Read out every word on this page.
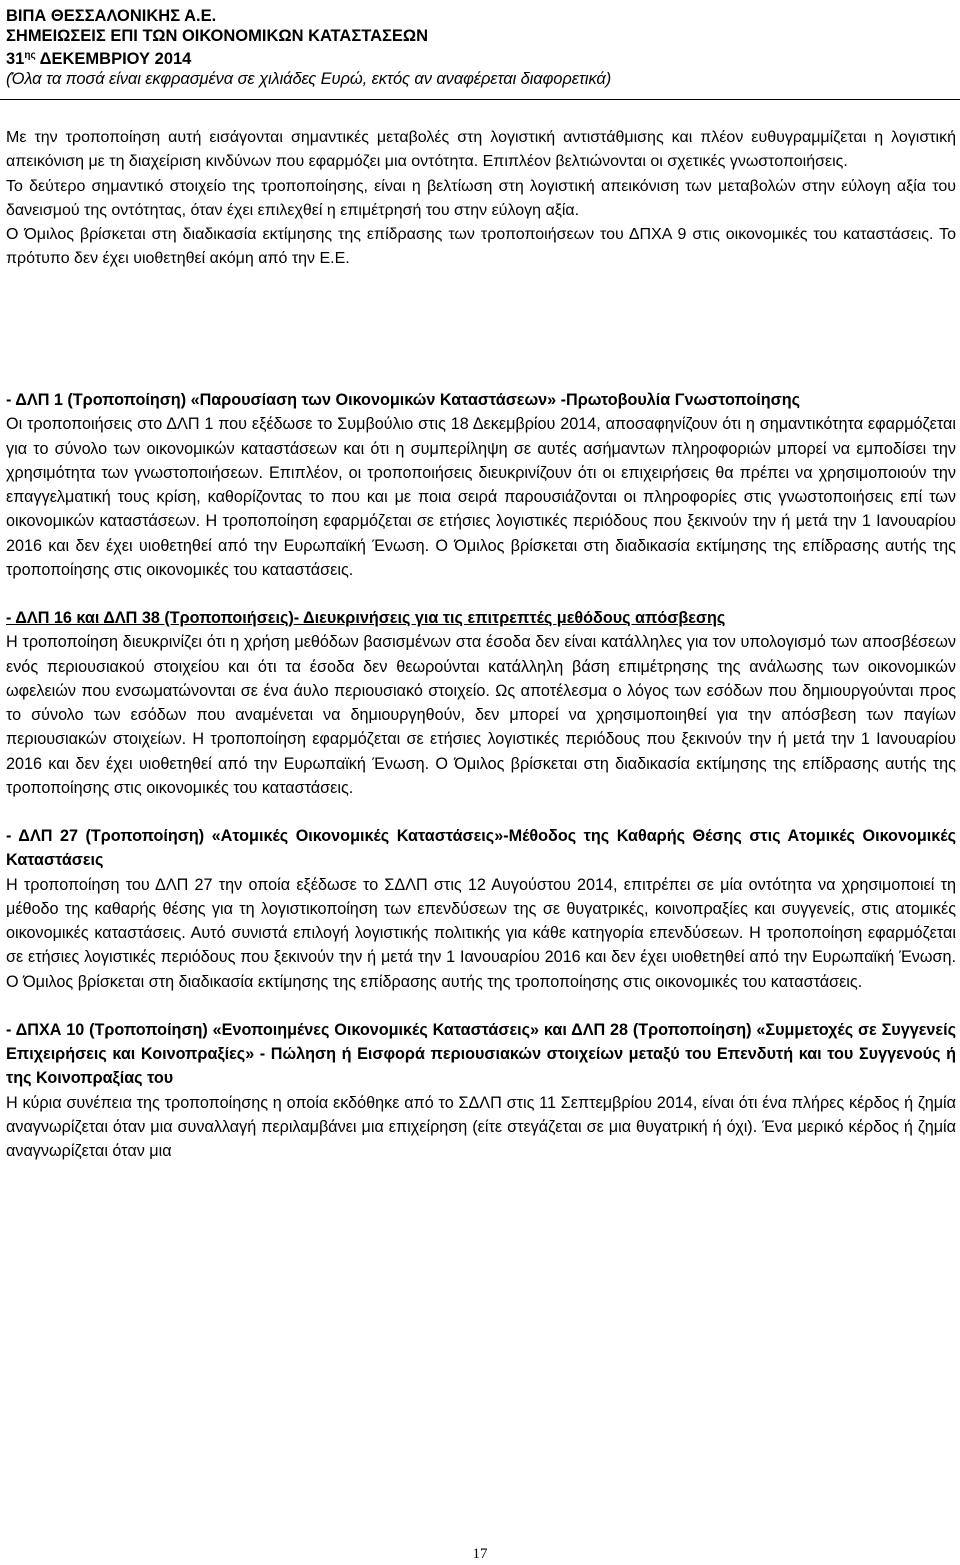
ΒΙΠΑ ΘΕΣΣΑΛΟΝΙΚΗΣ Α.Ε.
ΣΗΜΕΙΩΣΕΙΣ ΕΠΙ ΤΩΝ ΟΙΚΟΝΟΜΙΚΩΝ ΚΑΤΑΣΤΑΣΕΩΝ
$31^{\eta\varsigma}$ ΔΕΚΕΜΒΡΙΟΥ 2014
(Όλα τα ποσά είναι εκφρασμένα σε χιλιάδες Ευρώ, εκτός αν αναφέρεται διαφορετικά)

Με την τροποποίηση αυτή εισάγονται σημαντικές μεταβολές στη λογιστική αντιστάθμισης και πλέον ευθυγραμμίζεται η λογιστική απεικόνιση με τη διαχείριση κινδύνων που εφαρμόζει μια οντότητα. Επιπλέον βελτιώνονται οι σχετικές γνωστοποιήσεις.

Το δεύτερο σημαντικό στοιχείο της τροποποίησης, είναι η βελτίωση στη λογιστική απεικόνιση των μεταβολών στην εύλογη αξία του δανεισμού της οντότητας, όταν έχει επιλεχθεί η επιμέτρησή του στην εύλογη αξία.

Ο Όμιλος βρίσκεται στη διαδικασία εκτίμησης της επίδρασης των τροποποιήσεων του ΔΠΧΑ 9 στις οικονομικές του καταστάσεις. Το πρότυπο δεν έχει υιοθετηθεί ακόμη από την Ε.Ε.

- ΔΛΠ 1 (Τροποποίηση) «Παρουσίαση των Οικονομικών Καταστάσεων» -Πρωτοβουλία Γνωστοποίησης

Οι τροποποιήσεις στο ΔΛΠ 1 που εξέδωσε το Συμβούλιο στις 18 Δεκεμβρίου 2014, αποσαφηνίζουν ότι η σημαντικότητα εφαρμόζεται για το σύνολο των οικονομικών καταστάσεων και ότι η συμπερίληψη σε αυτές ασήμαντων πληροφοριών μπορεί να εμποδίσει την χρησιμότητα των γνωστοποιήσεων. Επιπλέον, οι τροποποιήσεις διευκρινίζουν ότι οι επιχειρήσεις θα πρέπει να χρησιμοποιούν την επαγγελματική τους κρίση, καθορίζοντας το που και με ποια σειρά παρουσιάζονται οι πληροφορίες στις γνωστοποιήσεις επί των οικονομικών καταστάσεων. Η τροποποίηση εφαρμόζεται σε ετήσιες λογιστικές περιόδους που ξεκινούν την ή μετά την 1 Ιανουαρίου 2016 και δεν έχει υιοθετηθεί από την Ευρωπαϊκή Ένωση. Ο Όμιλος βρίσκεται στη διαδικασία εκτίμησης της επίδρασης αυτής της τροποποίησης στις οικονομικές του καταστάσεις.

- ΔΛΠ 16 και ΔΛΠ 38 (Τροποποιήσεις)- Διευκρινήσεις για τις επιτρεπτές μεθόδους απόσβεσης

Η τροποποίηση διευκρινίζει ότι η χρήση μεθόδων βασισμένων στα έσοδα δεν είναι κατάλληλες για τον υπολογισμό των αποσβέσεων ενός περιουσιακού στοιχείου και ότι τα έσοδα δεν θεωρούνται κατάλληλη βάση επιμέτρησης της ανάλωσης των οικονομικών ωφελειών που ενσωματώνονται σε ένα άυλο περιουσιακό στοιχείο. Ως αποτέλεσμα ο λόγος των εσόδων που δημιουργούνται προς το σύνολο των εσόδων που αναμένεται να δημιουργηθούν, δεν μπορεί να χρησιμοποιηθεί για την απόσβεση των παγίων περιουσιακών στοιχείων. Η τροποποίηση εφαρμόζεται σε ετήσιες λογιστικές περιόδους που ξεκινούν την ή μετά την 1 Ιανουαρίου 2016 και δεν έχει υιοθετηθεί από την Ευρωπαϊκή Ένωση. Ο Όμιλος βρίσκεται στη διαδικασία εκτίμησης της επίδρασης αυτής της τροποποίησης στις οικονομικές του καταστάσεις.

- ΔΛΠ 27 (Τροποποίηση) «Ατομικές Οικονομικές Καταστάσεις»-Μέθοδος της Καθαρής Θέσης στις Ατομικές Οικονομικές Καταστάσεις

Η τροποποίηση του ΔΛΠ 27 την οποία εξέδωσε το ΣΔΛΠ στις 12 Αυγούστου 2014, επιτρέπει σε μία οντότητα να χρησιμοποιεί τη μέθοδο της καθαρής θέσης για τη λογιστικοποίηση των επενδύσεων της σε θυγατρικές, κοινοπραξίες και συγγενείς, στις ατομικές οικονομικές καταστάσεις. Αυτό συνιστά επιλογή λογιστικής πολιτικής για κάθε κατηγορία επενδύσεων. Η τροποποίηση εφαρμόζεται σε ετήσιες λογιστικές περιόδους που ξεκινούν την ή μετά την 1 Ιανουαρίου 2016 και δεν έχει υιοθετηθεί από την Ευρωπαϊκή Ένωση. Ο Όμιλος βρίσκεται στη διαδικασία εκτίμησης της επίδρασης αυτής της τροποποίησης στις οικονομικές του καταστάσεις.

- ΔΠΧΑ 10 (Τροποποίηση) «Ενοποιημένες Οικονομικές Καταστάσεις» και ΔΛΠ 28 (Τροποποίηση) «Συμμετοχές σε Συγγενείς Επιχειρήσεις και Κοινοπραξίες» - Πώληση ή Εισφορά περιουσιακών στοιχείων μεταξύ του Επενδυτή και του Συγγενούς ή της Κοινοπραξίας του

Η κύρια συνέπεια της τροποποίησης η οποία εκδόθηκε από το ΣΔΛΠ στις 11 Σεπτεμβρίου 2014, είναι ότι ένα πλήρες κέρδος ή ζημία αναγνωρίζεται όταν μια συναλλαγή περιλαμβάνει μια επιχείρηση (είτε στεγάζεται σε μια θυγατρική ή όχι). Ένα μερικό κέρδος ή ζημία αναγνωρίζεται όταν μια

17
